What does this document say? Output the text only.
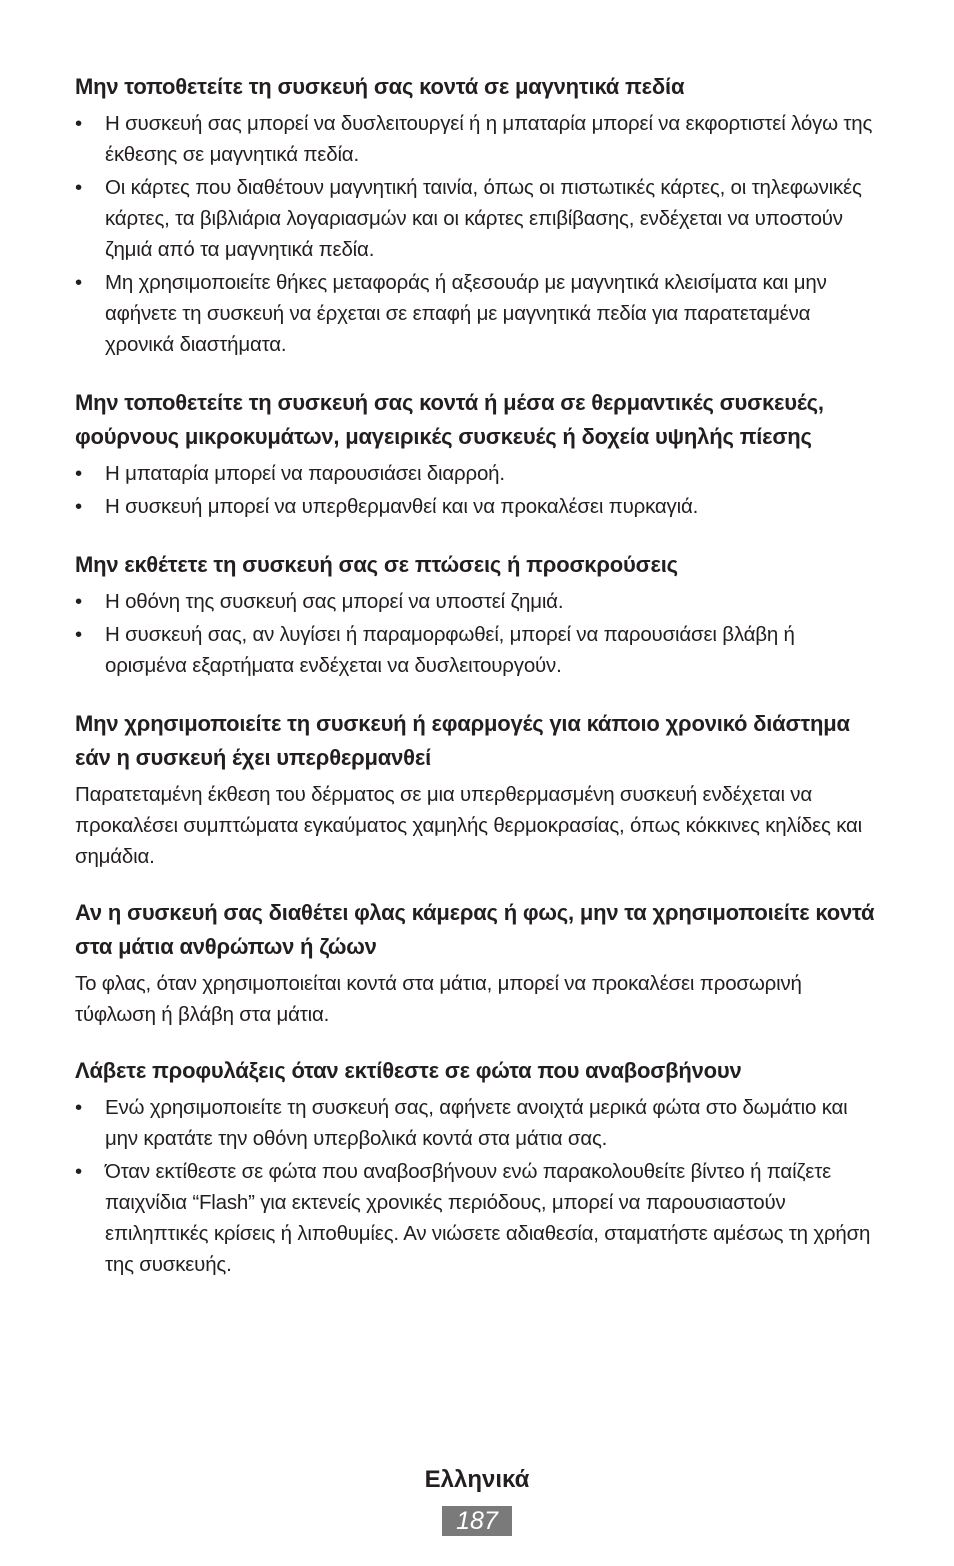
Μην τοποθετείτε τη συσκευή σας κοντά σε μαγνητικά πεδία
• Η συσκευή σας μπορεί να δυσλειτουργεί ή η μπαταρία μπορεί να εκφορτιστεί λόγω της έκθεσης σε μαγνητικά πεδία.
• Οι κάρτες που διαθέτουν μαγνητική ταινία, όπως οι πιστωτικές κάρτες, οι τηλεφωνικές κάρτες, τα βιβλιάρια λογαριασμών και οι κάρτες επιβίβασης, ενδέχεται να υποστούν ζημιά από τα μαγνητικά πεδία.
• Μη χρησιμοποιείτε θήκες μεταφοράς ή αξεσουάρ με μαγνητικά κλεισίματα και μην αφήνετε τη συσκευή να έρχεται σε επαφή με μαγνητικά πεδία για παρατεταμένα χρονικά διαστήματα.
Μην τοποθετείτε τη συσκευή σας κοντά ή μέσα σε θερμαντικές συσκευές, φούρνους μικροκυμάτων, μαγειρικές συσκευές ή δοχεία υψηλής πίεσης
• Η μπαταρία μπορεί να παρουσιάσει διαρροή.
• Η συσκευή μπορεί να υπερθερμανθεί και να προκαλέσει πυρκαγιά.
Μην εκθέτετε τη συσκευή σας σε πτώσεις ή προσκρούσεις
• Η οθόνη της συσκευή σας μπορεί να υποστεί ζημιά.
• Η συσκευή σας, αν λυγίσει ή παραμορφωθεί, μπορεί να παρουσιάσει βλάβη ή ορισμένα εξαρτήματα ενδέχεται να δυσλειτουργούν.
Μην χρησιμοποιείτε τη συσκευή ή εφαρμογές για κάποιο χρονικό διάστημα εάν η συσκευή έχει υπερθερμανθεί

Παρατεταμένη έκθεση του δέρματος σε μια υπερθερμασμένη συσκευή ενδέχεται να προκαλέσει συμπτώματα εγκαύματος χαμηλής θερμοκρασίας, όπως κόκκινες κηλίδες και σημάδια.

Αν η συσκευή σας διαθέτει φλας κάμερας ή φως, μην τα χρησιμοποιείτε κοντά στα μάτια ανθρώπων ή ζώων

Το φλας, όταν χρησιμοποιείται κοντά στα μάτια, μπορεί να προκαλέσει προσωρινή τύφλωση ή βλάβη στα μάτια.

Λάβετε προφυλάξεις όταν εκτίθεστε σε φώτα που αναβοσβήνουν
• Ενώ χρησιμοποιείτε τη συσκευή σας, αφήνετε ανοιχτά μερικά φώτα στο δωμάτιο και μην κρατάτε την οθόνη υπερβολικά κοντά στα μάτια σας.
• Όταν εκτίθεστε σε φώτα που αναβοσβήνουν ενώ παρακολουθείτε βίντεο ή παίζετε παιχνίδια “Flash” για εκτενείς χρονικές περιόδους, μπορεί να παρουσιαστούν επιληπτικές κρίσεις ή λιποθυμίες. Αν νιώσετε αδιαθεσία, σταματήστε αμέσως τη χρήση της συσκευής.
Ελληνικά
187
